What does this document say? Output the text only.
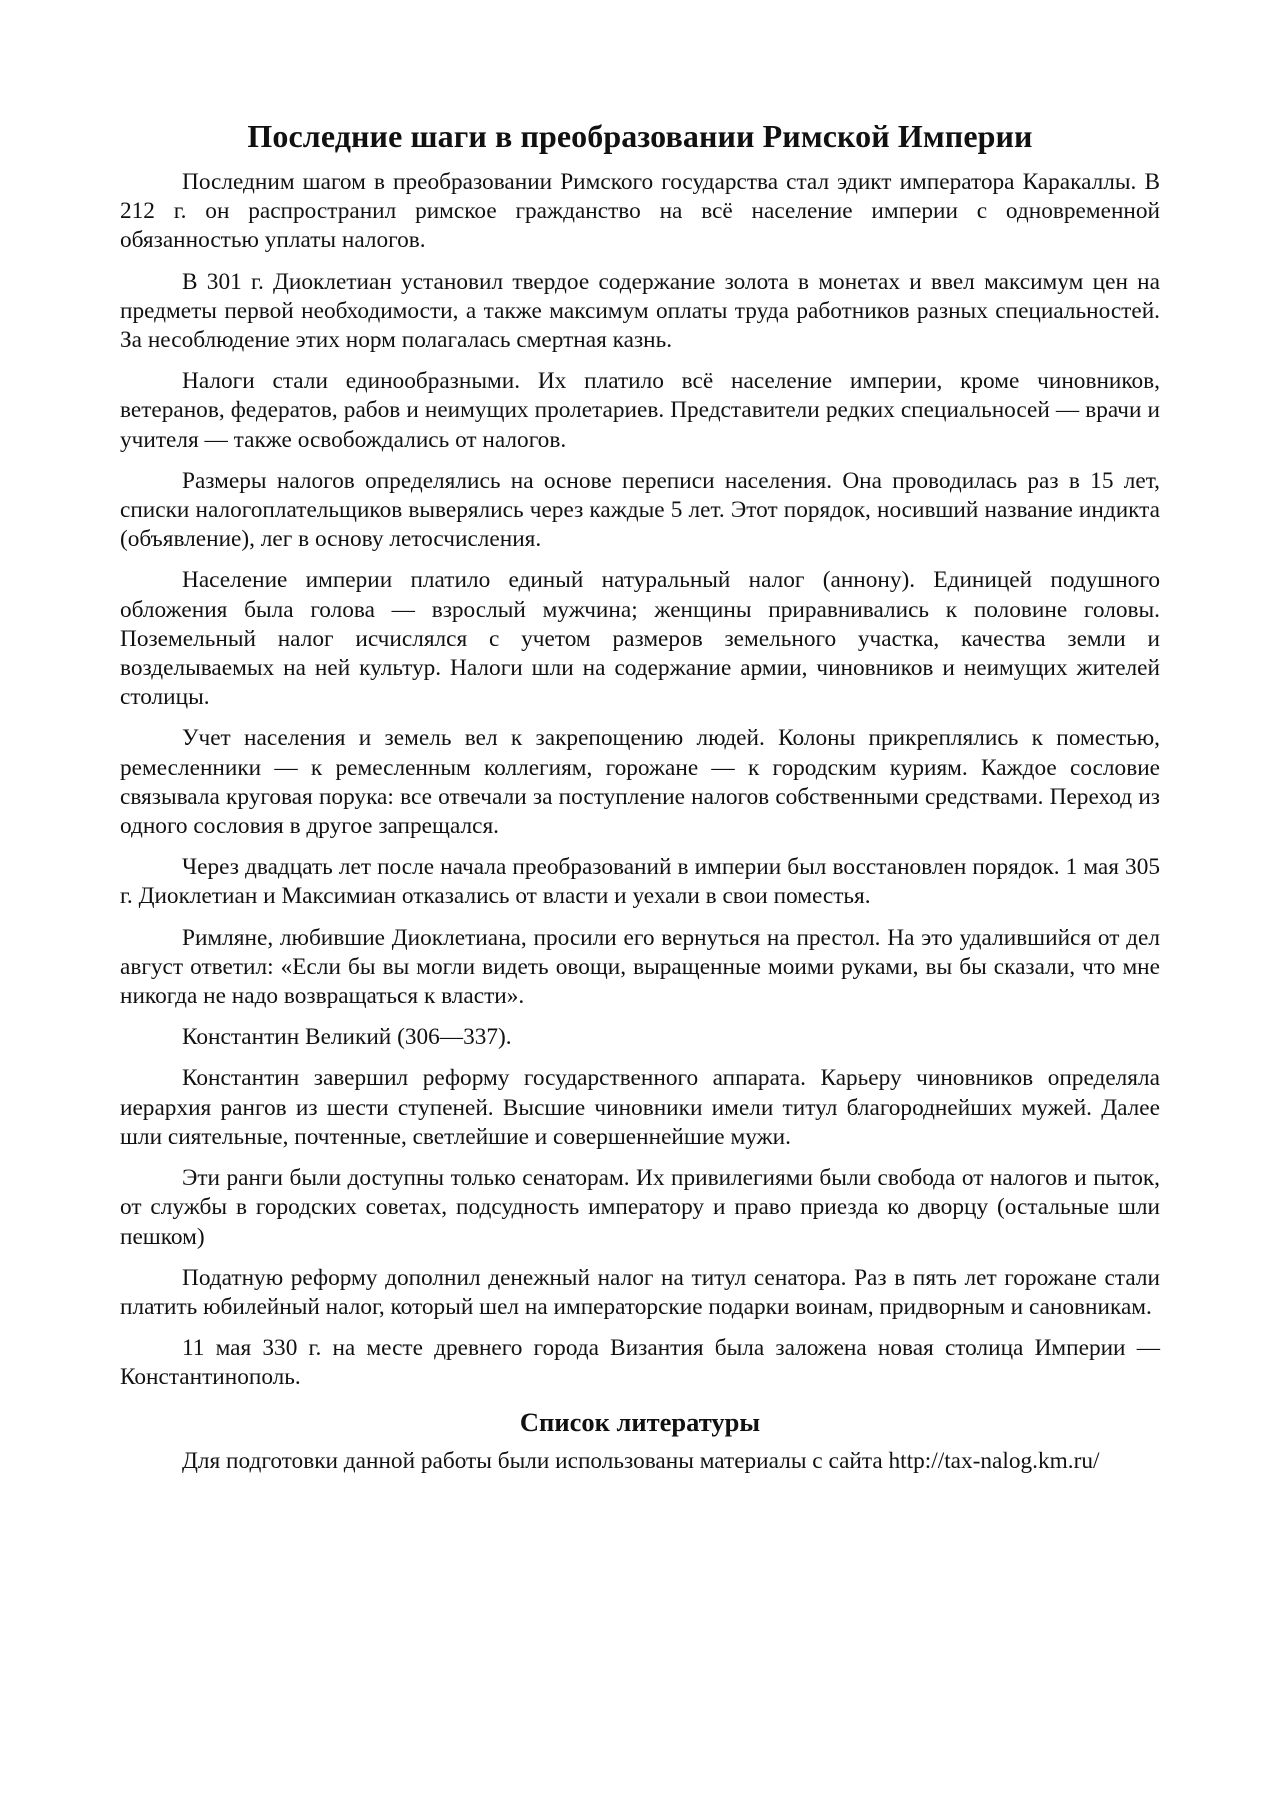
Последние шаги в преобразовании Римской Империи

Последним шагом в преобразовании Римского государства стал эдикт императора Каракаллы. В 212 г. он распространил римское гражданство на всё население империи с одновременной обязанностью уплаты налогов.

В 301 г. Диоклетиан установил твердое содержание золота в монетах и ввел максимум цен на предметы первой необходимости, а также максимум оплаты труда работников разных специальностей. За несоблюдение этих норм полагалась смертная казнь.

Налоги стали единообразными. Их платило всё население империи, кроме чиновников, ветеранов, федератов, рабов и неимущих пролетариев. Представители редких специальносей — врачи и учителя — также освобождались от налогов.

Размеры налогов определялись на основе переписи населения. Она проводилась раз в 15 лет, списки налогоплательщиков выверялись через каждые 5 лет. Этот порядок, носивший название индикта (объявление), лег в основу летосчисления.

Население империи платило единый натуральный налог (аннону). Единицей подушного обложения была голова — взрослый мужчина; женщины приравнивались к половине головы. Поземельный налог исчислялся с учетом размеров земельного участка, качества земли и возделываемых на ней культур. Налоги шли на содержание армии, чиновников и неимущих жителей столицы.

Учет населения и земель вел к закрепощению людей. Колоны прикреплялись к поместью, ремесленники — к ремесленным коллегиям, горожане — к городским куриям. Каждое сословие связывала круговая порука: все отвечали за поступление налогов собственными средствами. Переход из одного сословия в другое запрещался.

Через двадцать лет после начала преобразований в империи был восстановлен порядок. 1 мая 305 г. Диоклетиан и Максимиан отказались от власти и уехали в свои поместья.

Римляне, любившие Диоклетиана, просили его вернуться на престол. На это удалившийся от дел август ответил: «Если бы вы могли видеть овощи, выращенные моими руками, вы бы сказали, что мне никогда не надо возвращаться к власти».

Константин Великий (306—337).

Константин завершил реформу государственного аппарата. Карьеру чиновников определяла иерархия рангов из шести ступеней. Высшие чиновники имели титул благороднейших мужей. Далее шли сиятельные, почтенные, светлейшие и совершеннейшие мужи.

Эти ранги были доступны только сенаторам. Их привилегиями были свобода от налогов и пыток, от службы в городских советах, подсудность императору и право приезда ко дворцу (остальные шли пешком)

Податную реформу дополнил денежный налог на титул сенатора. Раз в пять лет горожане стали платить юбилейный налог, который шел на императорские подарки воинам, придворным и сановникам.

11 мая 330 г. на месте древнего города Византия была заложена новая столица Империи — Константинополь.

Список литературы

Для подготовки данной работы были использованы материалы с сайта http://tax-nalog.km.ru/
